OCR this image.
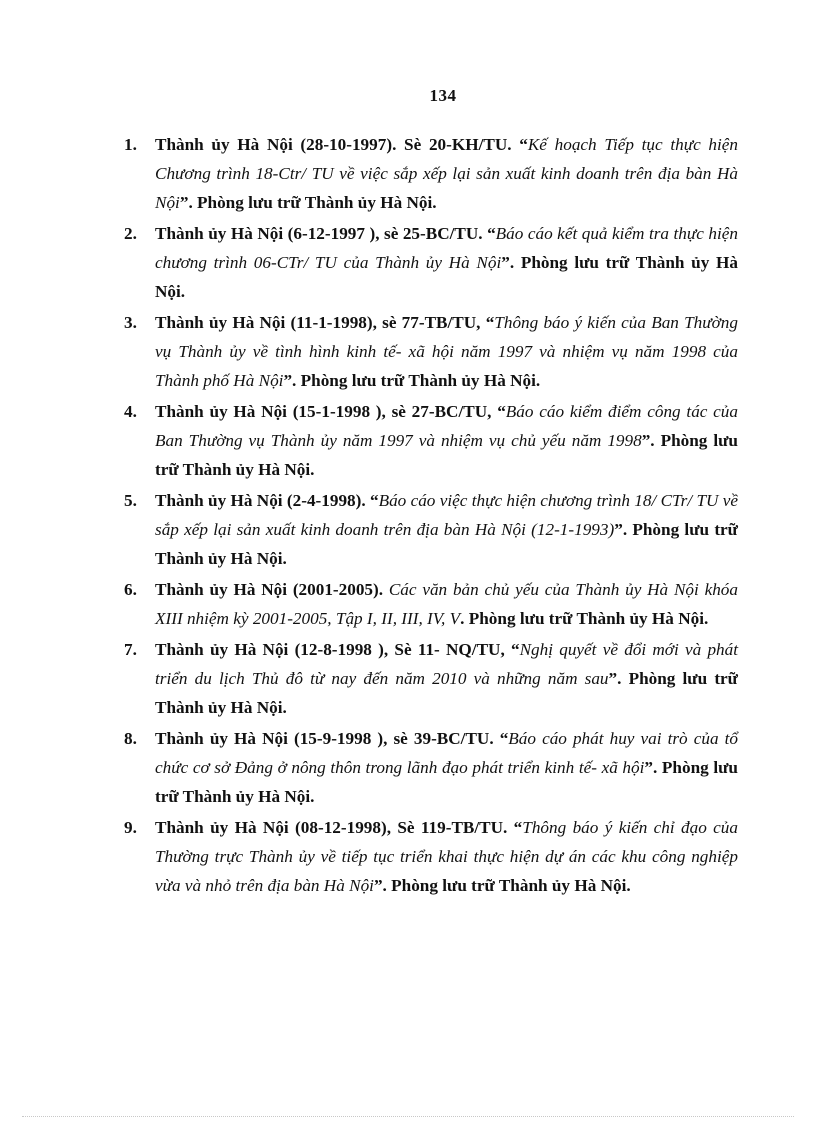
134
1. Thành ủy Hà Nội (28-10-1997). Sè 20-KH/TU. “Kế hoạch Tiếp tục thực hiện Chương trình 18-Ctr/ TU về việc sắp xếp lại sản xuất kinh doanh trên địa bàn Hà Nội”. Phòng lưu trữ Thành ủy Hà Nội.
2. Thành ủy Hà Nội (6-12-1997 ), sè 25-BC/TU. “Báo cáo kết quả kiểm tra thực hiện chương trình 06-CTr/ TU của Thành ủy Hà Nội”. Phòng lưu trữ Thành ủy Hà Nội.
3. Thành ủy Hà Nội (11-1-1998), sè 77-TB/TU, “Thông báo ý kiến của Ban Thường vụ Thành ủy về tình hình kinh tế- xã hội năm 1997 và nhiệm vụ năm 1998 của Thành phố Hà Nội”. Phòng lưu trữ Thành ủy Hà Nội.
4. Thành ủy Hà Nội (15-1-1998 ), sè 27-BC/TU, “Báo cáo kiểm điểm công tác của Ban Thường vụ Thành ủy năm 1997 và nhiệm vụ chủ yếu năm 1998”. Phòng lưu trữ Thành ủy Hà Nội.
5. Thành ủy Hà Nội (2-4-1998). “Báo cáo việc thực hiện chương trình 18/ CTr/ TU về sắp xếp lại sản xuất kinh doanh trên địa bàn Hà Nội (12-1-1993)”. Phòng lưu trữ Thành ủy Hà Nội.
6. Thành ủy Hà Nội (2001-2005). Các văn bản chủ yếu của Thành ủy Hà Nội khóa XIII nhiệm kỳ 2001-2005, Tập I, II, III, IV, V. Phòng lưu trữ Thành ủy Hà Nội.
7. Thành ủy Hà Nội (12-8-1998 ), Sè 11- NQ/TU, “Nghị quyết về đổi mới và phát triển du lịch Thủ đô từ nay đến năm 2010 và những năm sau”. Phòng lưu trữ Thành ủy Hà Nội.
8. Thành ủy Hà Nội (15-9-1998 ), sè 39-BC/TU. “Báo cáo phát huy vai trò của tổ chức cơ sở Đảng ở nông thôn trong lãnh đạo phát triển kinh tế- xã hội”. Phòng lưu trữ Thành ủy Hà Nội.
9. Thành ủy Hà Nội (08-12-1998), Sè 119-TB/TU. “Thông báo ý kiến chỉ đạo của Thường trực Thành ủy về tiếp tục triển khai thực hiện dự án các khu công nghiệp vừa và nhỏ trên địa bàn Hà Nội”. Phòng lưu trữ Thành ủy Hà Nội.
